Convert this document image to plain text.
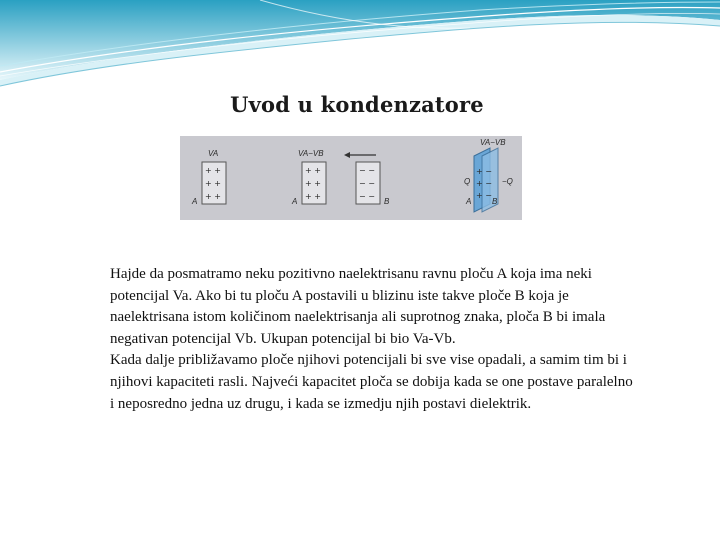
Uvod u kondenzatore
+ +
+ +
+ +
VA
A
+ +
+ +
+ +
− −
− −
− −
VA−VB
A	B
+ −
+ −
+ −
VA−VB
Q	−Q
A	B

Hajde da posmatramo neku pozitivno naelektrisanu ravnu ploču A koja ima neki potencijal Va. Ako bi tu ploču A postavili u blizinu iste takve ploče B koja je naelektrisana istom količinom naelektrisanja ali suprotnog znaka, ploča B bi imala negativan potencijal Vb. Ukupan potencijal bi bio Va-Vb.

Kada dalje približavamo ploče njihovi potencijali bi sve vise opadali, a samim tim bi i njihovi kapaciteti rasli. Najveći kapacitet ploča se dobija kada se one postave paralelno i neposredno jedna uz drugu, i kada se izmedju njih postavi dielektrik.
